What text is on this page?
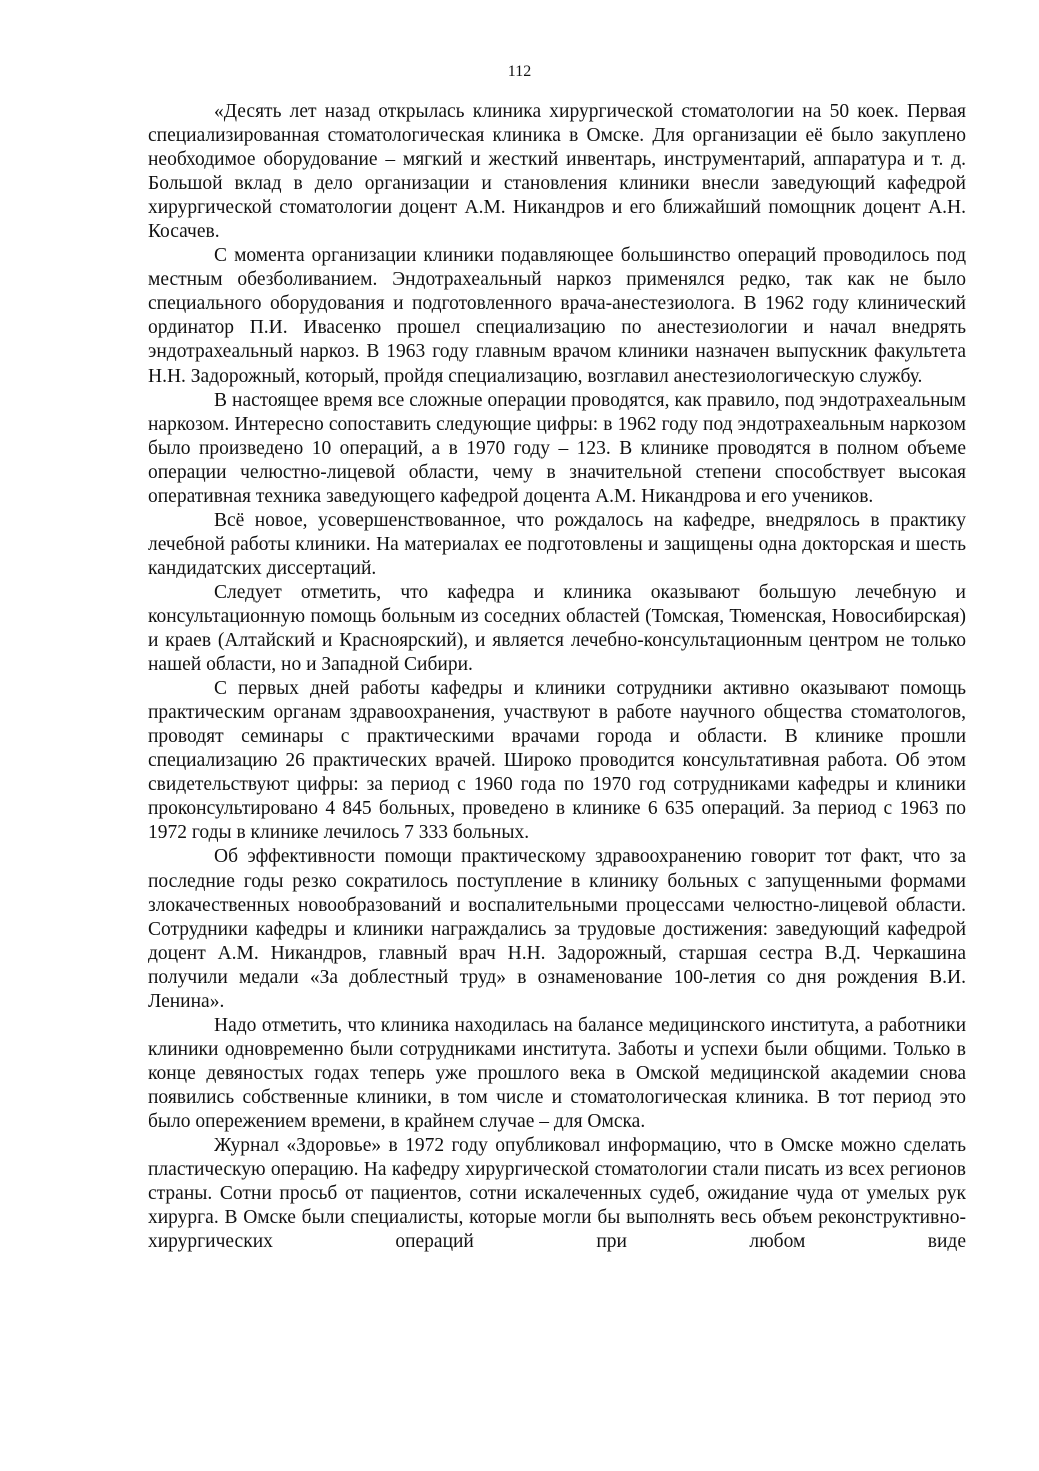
112

«Десять лет назад открылась клиника хирургической стоматологии на 50 коек. Первая специализированная стоматологическая клиника в Омске. Для организации её было закуплено необходимое оборудование – мягкий и жесткий инвентарь, инструментарий, аппаратура и т. д. Большой вклад в дело организации и становления клиники внесли заведующий кафедрой хирургической стоматологии доцент А.М. Никандров и его ближайший помощник доцент А.Н. Косачев.

С момента организации клиники подавляющее большинство операций проводилось под местным обезболиванием. Эндотрахеальный наркоз применялся редко, так как не было специального оборудования и подготовленного врача-анестезиолога. В 1962 году клинический ординатор П.И. Ивасенко прошел специализацию по анестезиологии и начал внедрять эндотрахеальный наркоз. В 1963 году главным врачом клиники назначен выпускник факультета Н.Н. Задорожный, который, пройдя специализацию, возглавил анестезиологическую службу.

В настоящее время все сложные операции проводятся, как правило, под эндотрахеальным наркозом. Интересно сопоставить следующие цифры: в 1962 году под эндотрахеальным наркозом было произведено 10 операций, а в 1970 году – 123. В клинике проводятся в полном объеме операции челюстно-лицевой области, чему в значительной степени способствует высокая оперативная техника заведующего кафедрой доцента А.М. Никандрова и его учеников.

Всё новое, усовершенствованное, что рождалось на кафедре, внедрялось в практику лечебной работы клиники. На материалах ее подготовлены и защищены одна докторская и шесть кандидатских диссертаций.

Следует отметить, что кафедра и клиника оказывают большую лечебную и консультационную помощь больным из соседних областей (Томская, Тюменская, Новосибирская) и краев (Алтайский и Красноярский), и является лечебно-консультационным центром не только нашей области, но и Западной Сибири.

С первых дней работы кафедры и клиники сотрудники активно оказывают помощь практическим органам здравоохранения, участвуют в работе научного общества стоматологов, проводят семинары с практическими врачами города и области. В клинике прошли специализацию 26 практических врачей. Широко проводится консультативная работа. Об этом свидетельствуют цифры: за период с 1960 года по 1970 год сотрудниками кафедры и клиники проконсультировано 4 845 больных, проведено в клинике 6 635 операций. За период с 1963 по 1972 годы в клинике лечилось 7 333 больных.

Об эффективности помощи практическому здравоохранению говорит тот факт, что за последние годы резко сократилось поступление в клинику больных с запущенными формами злокачественных новообразований и воспалительными процессами челюстно-лицевой области. Сотрудники кафедры и клиники награждались за трудовые достижения: заведующий кафедрой доцент А.М. Никандров, главный врач Н.Н. Задорожный, старшая сестра В.Д. Черкашина получили медали «За доблестный труд» в ознаменование 100-летия со дня рождения В.И. Ленина».

Надо отметить, что клиника находилась на балансе медицинского института, а работники клиники одновременно были сотрудниками института. Заботы и успехи были общими. Только в конце девяностых годах теперь уже прошлого века в Омской медицинской академии снова появились собственные клиники, в том числе и стоматологическая клиника. В тот период это было опережением времени, в крайнем случае – для Омска.

Журнал «Здоровье» в 1972 году опубликовал информацию, что в Омске можно сделать пластическую операцию. На кафедру хирургической стоматологии стали писать из всех регионов страны. Сотни просьб от пациентов, сотни искалеченных судеб, ожидание чуда от умелых рук хирурга. В Омске были специалисты, которые могли бы выполнять весь объем реконструктивно-хирургических операций при любом виде
